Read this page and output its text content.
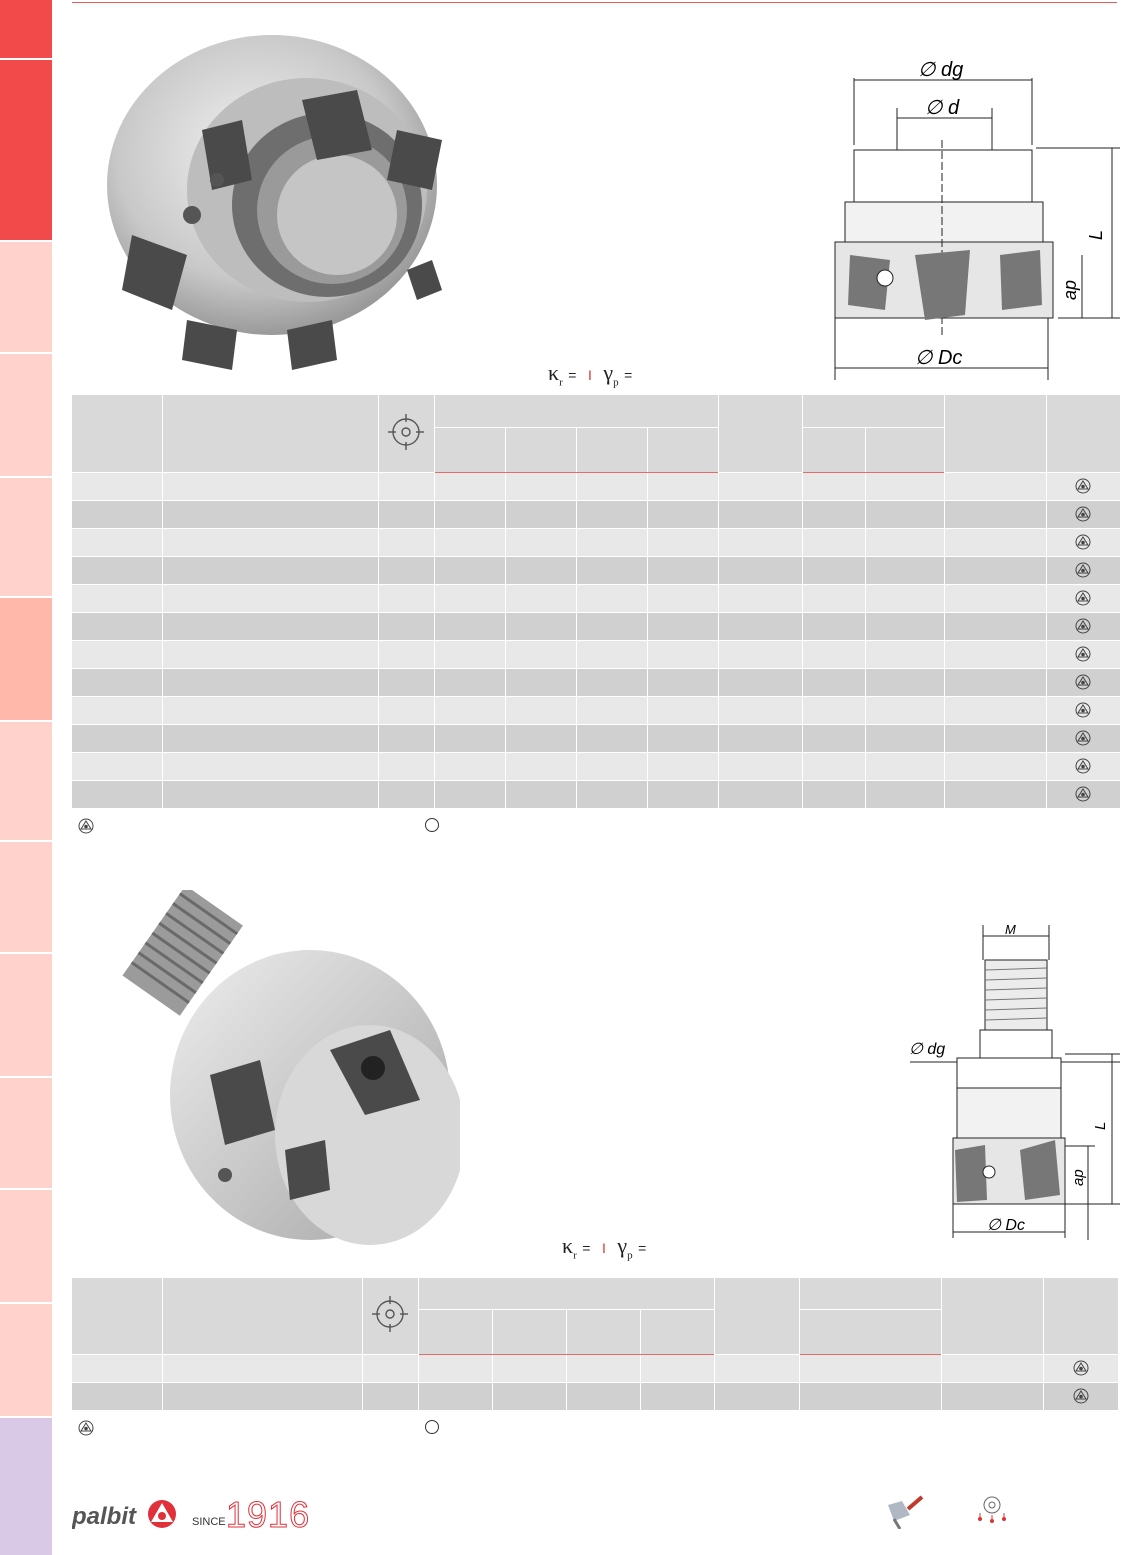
∅ dg
∅ d
L
ap
∅ Dc
$\kappa_r = I$ $\gamma_p$ =

M
∅ dg
L
ap
∅ Dc
$\kappa_r = I$ $\gamma_p$ =

palbit	SINCE 1916
